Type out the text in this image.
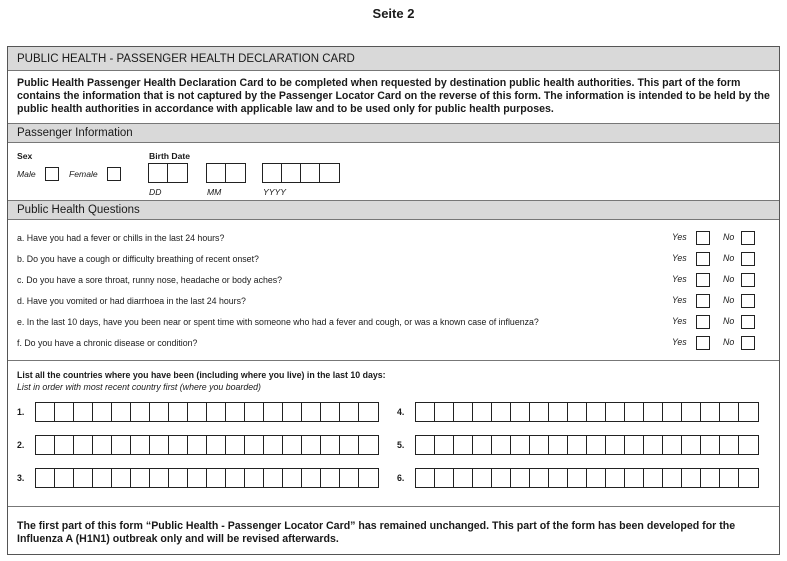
Seite 2
PUBLIC HEALTH - PASSENGER HEALTH DECLARATION CARD
Public Health Passenger Health Declaration Card to be completed when requested by destination public health authorities. This part of the form contains the information that is not captured by the Passenger Locator Card on the reverse of this form. The information is intended to be held by the public health authorities in accordance with applicable law and to be used only for public health purposes.
Passenger Information
Sex
Male	Female
Birth Date
DD	MM	YYYY
Public Health Questions
a. Have you had a fever or chills in the last 24 hours?	Yes	No
b. Do you have a cough or difficulty breathing of recent onset?	Yes	No
c. Do you have a sore throat, runny nose, headache or body aches?	Yes	No
d. Have you vomited or had diarrhoea in the last 24 hours?	Yes	No
e. In the last 10 days, have you been near or spent time with someone who had a fever and cough, or was a known case of influenza?	Yes	No
f. Do you have a chronic disease or condition?	Yes	No
List all the countries where you have been (including where you live) in the last 10 days:
List in order with most recent country first (where you boarded)
1.
2.
3.
4.
5.
6.
The first part of this form “Public Health - Passenger Locator Card” has remained unchanged. This part of the form has been developed for the Influenza A (H1N1) outbreak only and will be revised afterwards.
